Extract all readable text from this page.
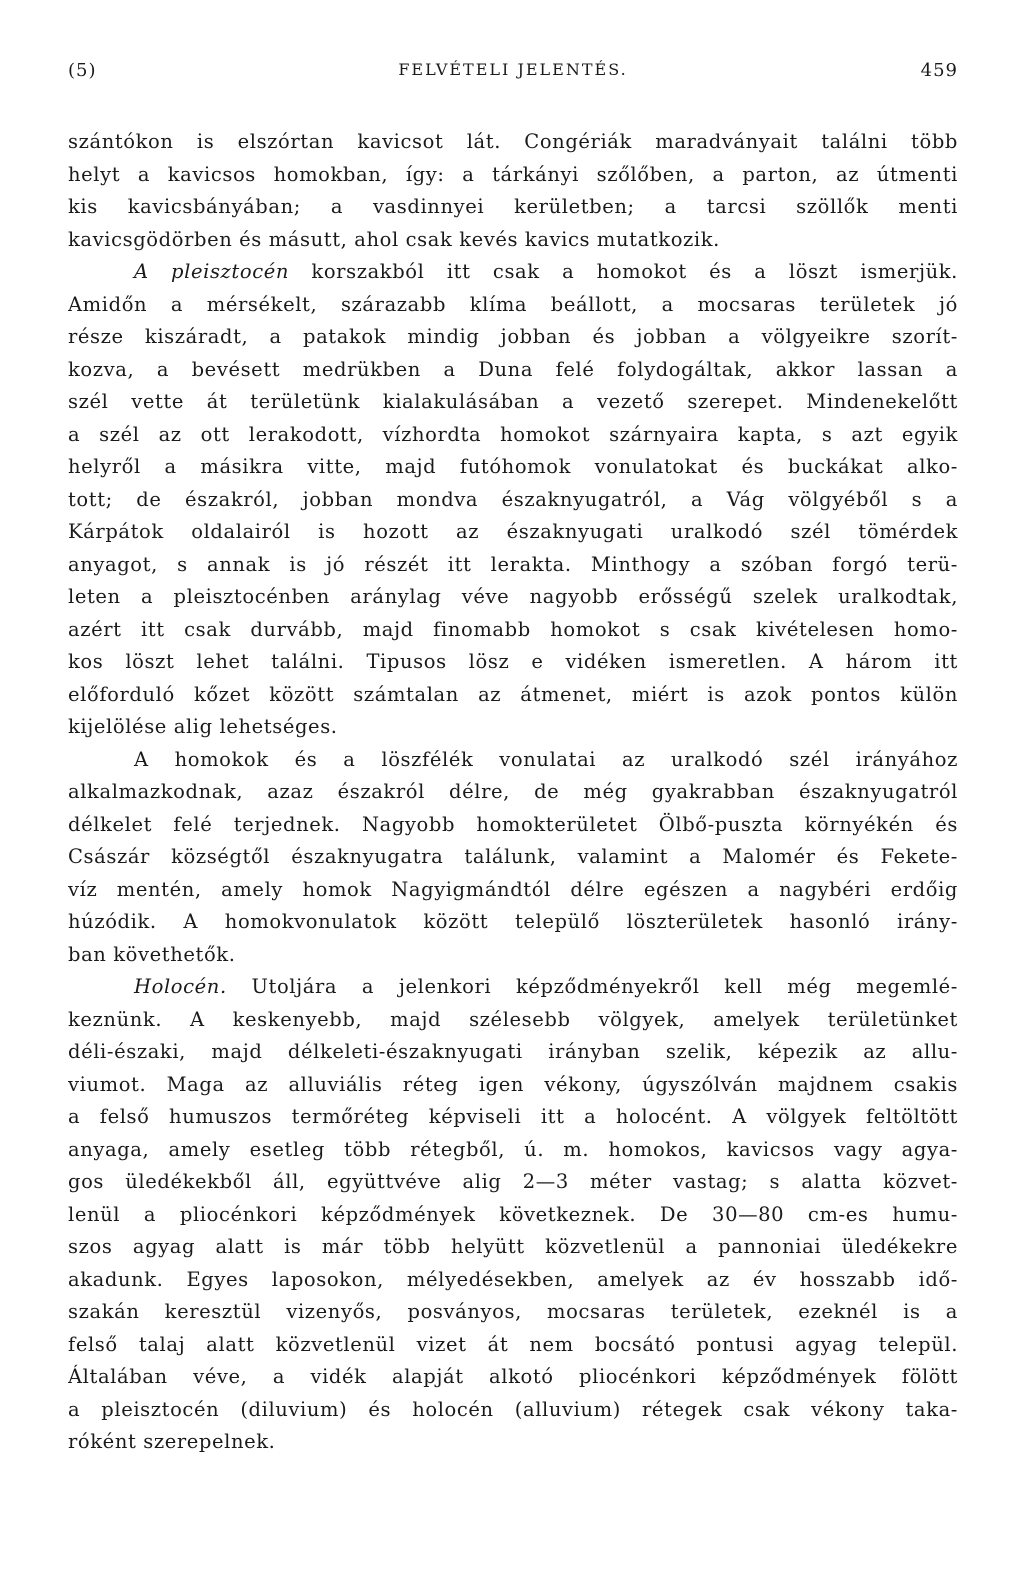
(5)	FELVÉTELI JELENTÉS.	459
szántókon is elszórtan kavicsot lát. Congériák maradványait találni több
helyt a kavicsos homokban, így: a tárkányi szőlőben, a parton, az útmenti
kis kavicsbányában; a vasdinnyei kerületben; a tarcsi szöllők menti
kavicsgödörben és másutt, ahol csak kevés kavics mutatkozik.
A pleisztocén korszakból itt csak a homokot és a löszt ismerjük.
Amidőn a mérsékelt, szárazabb klíma beállott, a mocsaras területek jó
része kiszáradt, a patakok mindig jobban és jobban a völgyeikre szorít-
kozva, a bevésett medrükben a Duna felé folydogáltak, akkor lassan a
szél vette át területünk kialakulásában a vezető szerepet. Mindenekelőtt
a szél az ott lerakodott, vízhordta homokot szárnyaira kapta, s azt egyik
helyről a másikra vitte, majd futóhomok vonulatokat és buckákat alko-
tott; de északról, jobban mondva északnyugatról, a Vág völgyéből s a
Kárpátok oldalairól is hozott az északnyugati uralkodó szél tömérdek
anyagot, s annak is jó részét itt lerakta. Minthogy a szóban forgó terü-
leten a pleisztocénben aránylag véve nagyobb erősségű szelek uralkodtak,
azért itt csak durvább, majd finomabb homokot s csak kivételesen homo-
kos löszt lehet találni. Tipusos lösz e vidéken ismeretlen. A három itt
előforduló kőzet között számtalan az átmenet, miért is azok pontos külön
kijelölése alig lehetséges.
A homokok és a löszfélék vonulatai az uralkodó szél irányához
alkalmazkodnak, azaz északról délre, de még gyakrabban északnyugatról
délkelet felé terjednek. Nagyobb homokterületet Ölbő-puszta környékén és
Császár községtől északnyugatra találunk, valamint a Malomér és Fekete-
víz mentén, amely homok Nagyigmándtól délre egészen a nagybéri erdőig
húzódik. A homokvonulatok között települő löszterületek hasonló irány-
ban követhetők.
Holocén. Utoljára a jelenkori képződményekről kell még megemlé-
keznünk. A keskenyebb, majd szélesebb völgyek, amelyek területünket
déli-északi, majd délkeleti-északnyugati irányban szelik, képezik az allu-
viumot. Maga az alluviális réteg igen vékony, úgyszólván majdnem csakis
a felső humuszos termőréteg képviseli itt a holocént. A völgyek feltöltött
anyaga, amely esetleg több rétegből, ú. m. homokos, kavicsos vagy agya-
gos üledékekből áll, együttvéve alig 2—3 méter vastag; s alatta közvet-
lenül a pliocénkori képződmények következnek. De 30—80 cm-es humu-
szos agyag alatt is már több helyütt közvetlenül a pannoniai üledékekre
akadunk. Egyes laposokon, mélyedésekben, amelyek az év hosszabb idő-
szakán keresztül vizenyős, posványos, mocsaras területek, ezeknél is a
felső talaj alatt közvetlenül vizet át nem bocsátó pontusi agyag települ.
Általában véve, a vidék alapját alkotó pliocénkori képződmények fölött
a pleisztocén (diluvium) és holocén (alluvium) rétegek csak vékony taka-
róként szerepelnek.
